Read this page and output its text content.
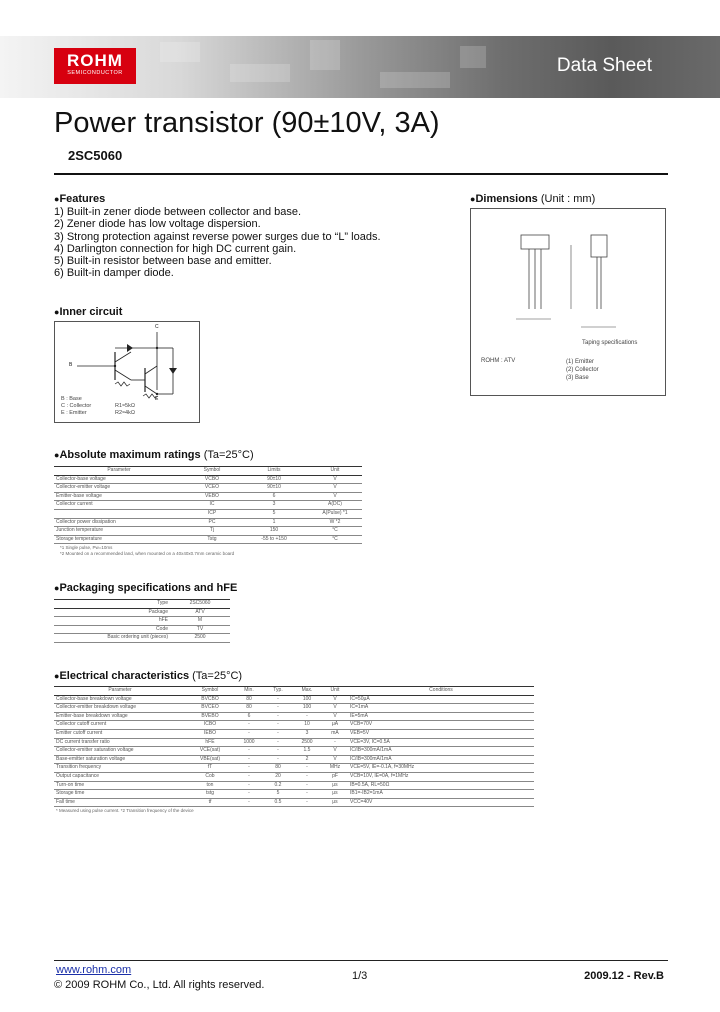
ROHM
SEMICONDUCTOR	Data Sheet
Power transistor (90±10V, 3A)
2SC5060
●Features
1) Built-in zener diode between collector and base.
2) Zener diode has low voltage dispersion.
3) Strong protection against reverse power surges due to “L” loads.
4) Darlington connection for high DC current gain.
5) Built-in resistor between base and emitter.
6) Built-in damper diode.
●Dimensions (Unit : mm)
Taping specifications
ROHM : ATV	(1) Emitter
(2) Collector
(3) Base
●Inner circuit
C
B
E
B : Base
C : Collector
E : Emitter
R1≈5kΩ
R2≈4kΩ
●Absolute maximum ratings (Ta=25°C)
Parameter	Symbol	Limits	Unit
Collector-base voltage	VCBO	90±10	V
Collector-emitter voltage	VCEO	90±10	V
Emitter-base voltage	VEBO	6	V
Collector current	IC	3	A(DC)
	ICP	5	A(Pulse) *1
Collector power dissipation	PC	1	W *2
Junction temperature	Tj	150	°C
Storage temperature	Tstg	-55 to +150	°C
*1 Single pulse, Pw=10ms
*2 Mounted on a recommended land, when mounted on a 40x40x0.7mm ceramic board
●Packaging specifications and hFE
Type	2SC5060
Package	ATV
hFE	M
Code	TV
Basic ordering unit (pieces)	2500
●Electrical characteristics (Ta=25°C)
Parameter	Symbol	Min.	Typ.	Max.	Unit	Conditions
Collector-base breakdown voltage	BVCBO	80	-	100	V	IC=50μA
Collector-emitter breakdown voltage	BVCEO	80	-	100	V	IC=1mA
Emitter-base breakdown voltage	BVEBO	6	-	-	V	IE=5mA
Collector cutoff current	ICBO	-	-	10	μA	VCB=70V
Emitter cutoff current	IEBO	-	-	3	mA	VEB=5V
DC current transfer ratio	hFE	1000	-	2500	-	VCE=3V, IC=0.5A
Collector-emitter saturation voltage	VCE(sat)	-	-	1.5	V	IC/IB=300mA/1mA
Base-emitter saturation voltage	VBE(sat)	-	-	2	V	IC/IB=300mA/1mA
Transition frequency	fT	-	80	-	MHz	VCE=5V, IE=-0.1A, f=30MHz
Output capacitance	Cob	-	20	-	pF	VCB=10V, IE=0A, f=1MHz
Turn-on time	ton	-	0.2	-	μs	IB=0.5A, RL=50Ω
Storage time	tstg	-	5	-	μs	IB1=-IB2=1mA
Fall time	tf	-	0.5	-	μs	VCC=40V
* Measured using pulse current. *2 Transition frequency of the device
www.rohm.com
© 2009 ROHM Co., Ltd. All rights reserved.
1/3	2009.12 - Rev.B
